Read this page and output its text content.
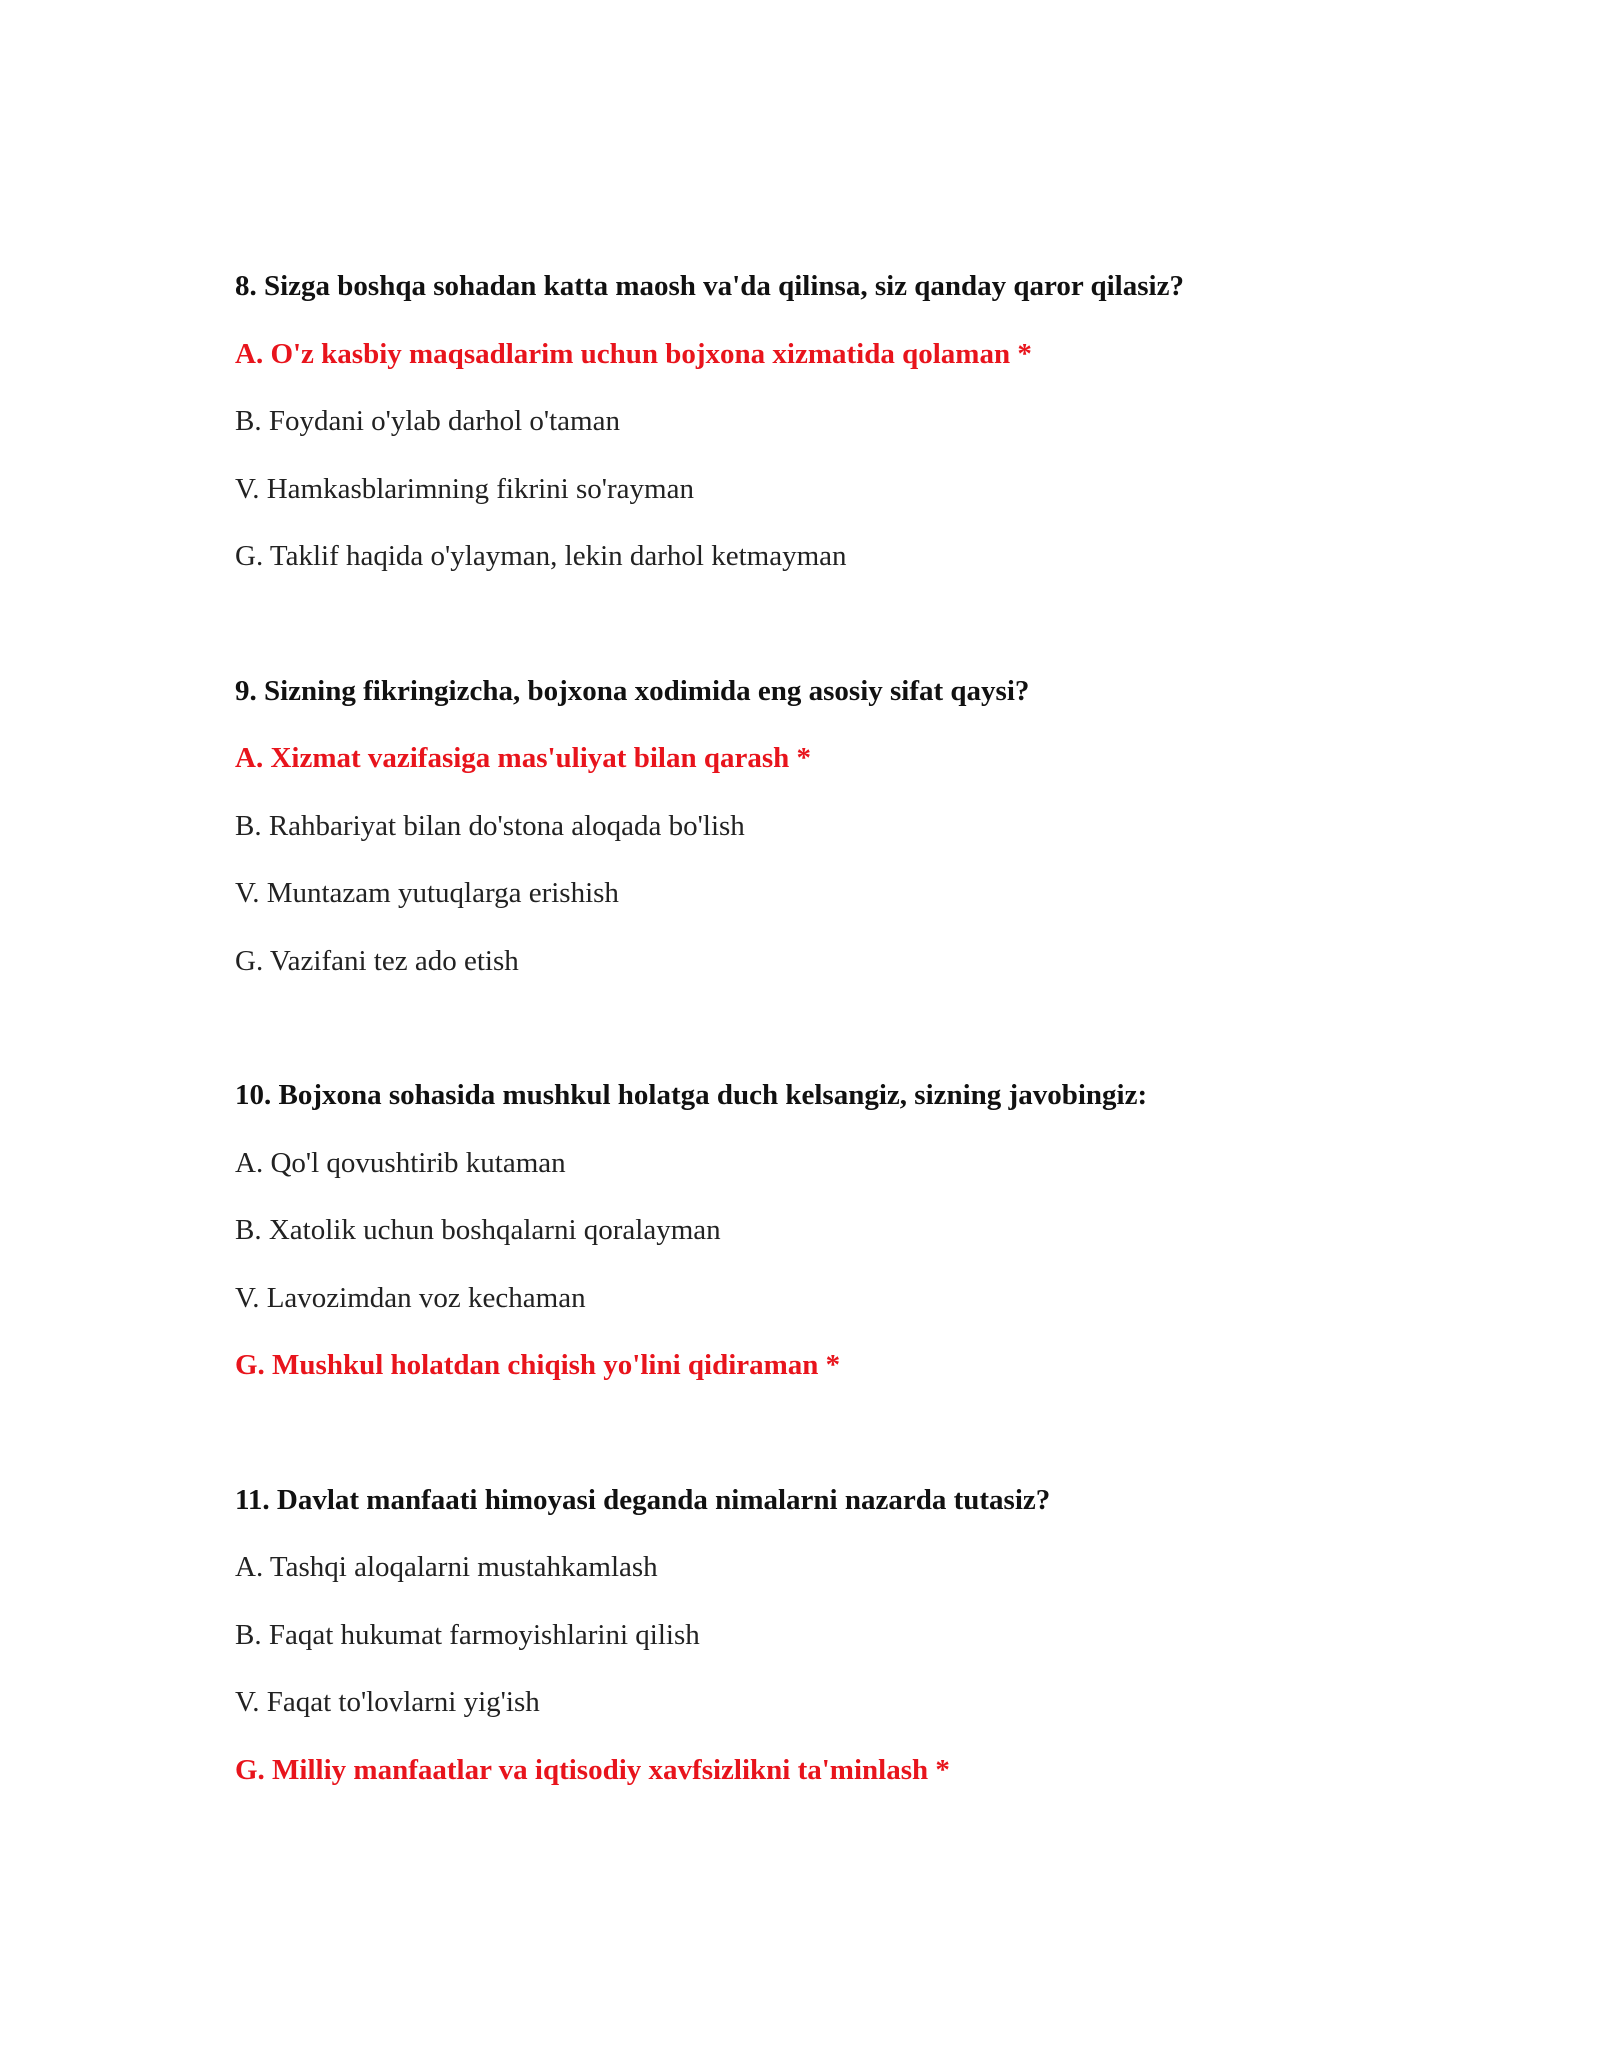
8. Sizga boshqa sohadan katta maosh va'da qilinsa, siz qanday qaror qilasiz?
A. O'z kasbiy maqsadlarim uchun bojxona xizmatida qolaman *
B. Foydani o'ylab darhol o'taman
V. Hamkasblarimning fikrini so'rayman
G. Taklif haqida o'ylayman, lekin darhol ketmayman
9. Sizning fikringizcha, bojxona xodimida eng asosiy sifat qaysi?
A. Xizmat vazifasiga mas'uliyat bilan qarash *
B. Rahbariyat bilan do'stona aloqada bo'lish
V. Muntazam yutuqlarga erishish
G. Vazifani tez ado etish
10. Bojxona sohasida mushkul holatga duch kelsangiz, sizning javobingiz:
A. Qo'l qovushtirib kutaman
B. Xatolik uchun boshqalarni qoralayman
V. Lavozimdan voz kechaman
G. Mushkul holatdan chiqish yo'lini qidiraman *
11. Davlat manfaati himoyasi deganda nimalarni nazarda tutasiz?
A. Tashqi aloqalarni mustahkamlash
B. Faqat hukumat farmoyishlarini qilish
V. Faqat to'lovlarni yig'ish
G. Milliy manfaatlar va iqtisodiy xavfsizlikni ta'minlash *
